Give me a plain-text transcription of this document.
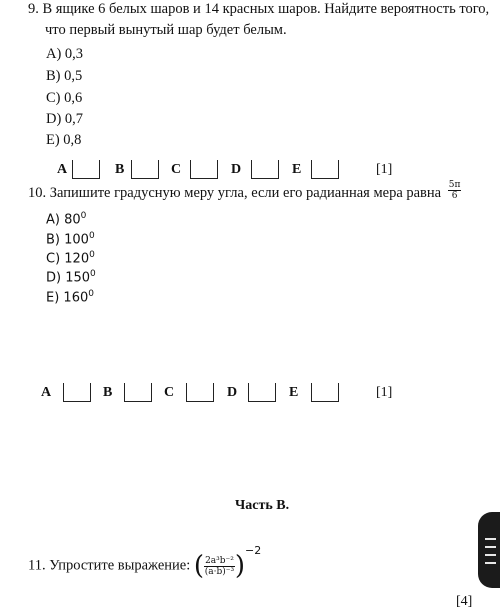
9. В ящике 6 белых шаров и 14 красных шаров. Найдите вероятность того,
что первый вынутый шар будет белым.
A) 0,3
B) 0,5
C) 0,6
D) 0,7
E) 0,8
A	B	C	D	E	[1]
10. Запишите градусную меру угла, если его радианная мера равна $\frac{5\pi}{6}$
A) $80^0$
B) $100^0$
C) $120^0$
D) $150^0$
E) $160^0$
A	B	C	D	E	[1]
Часть B.
11. Упростите выражение: ( $\frac{\text{2a³b⁻²}}{\text{(a·b)⁻³}} )^{-2}$
[4]
